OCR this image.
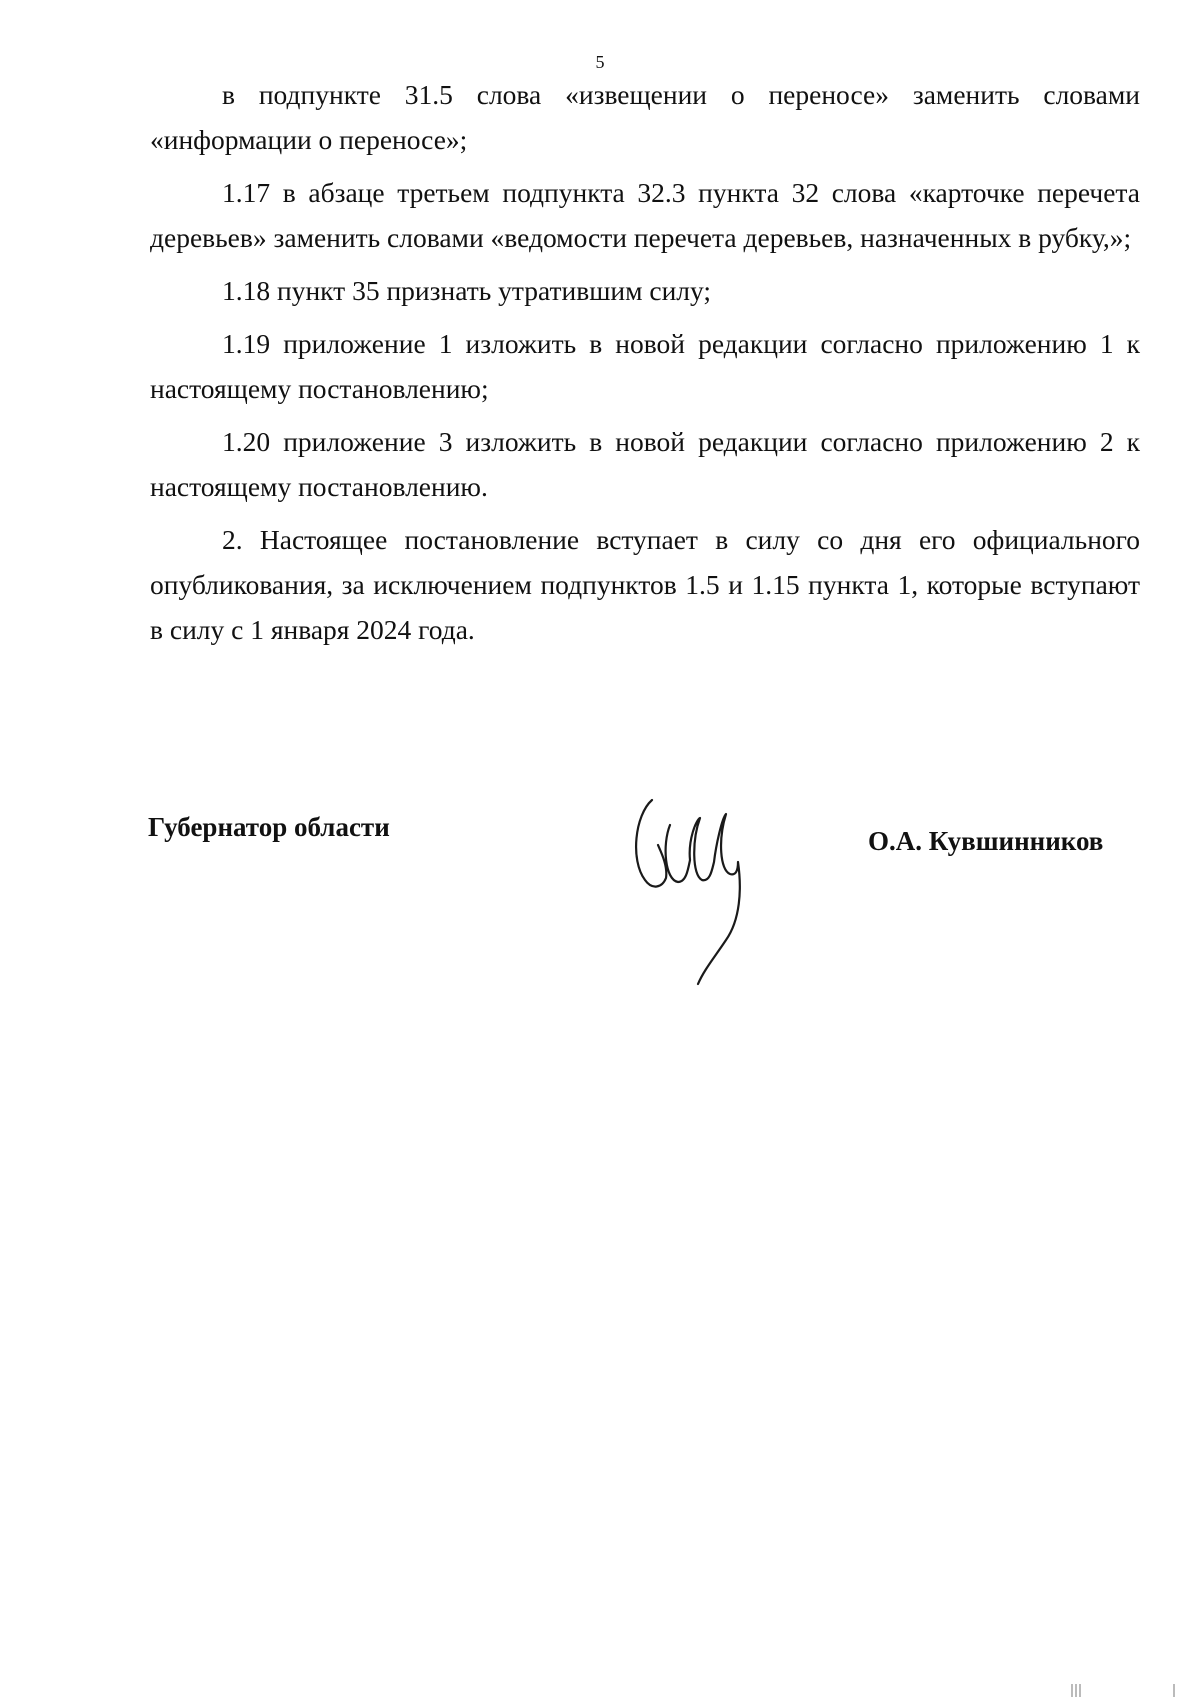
5

в подпункте 31.5 слова «извещении о переносе» заменить словами «информации о переносе»;

1.17 в абзаце третьем подпункта 32.3 пункта 32 слова «карточке перечета деревьев» заменить словами «ведомости перечета деревьев, назначенных в рубку,»;

1.18 пункт 35 признать утратившим силу;

1.19 приложение 1 изложить в новой редакции согласно приложению 1 к настоящему постановлению;

1.20 приложение 3 изложить в новой редакции согласно приложению 2 к настоящему постановлению.

2. Настоящее постановление вступает в силу со дня его официального опубликования, за исключением подпунктов 1.5 и 1.15 пункта 1, которые вступают в силу с 1 января 2024 года.

Губернатор области	О.А. Кувшинников
